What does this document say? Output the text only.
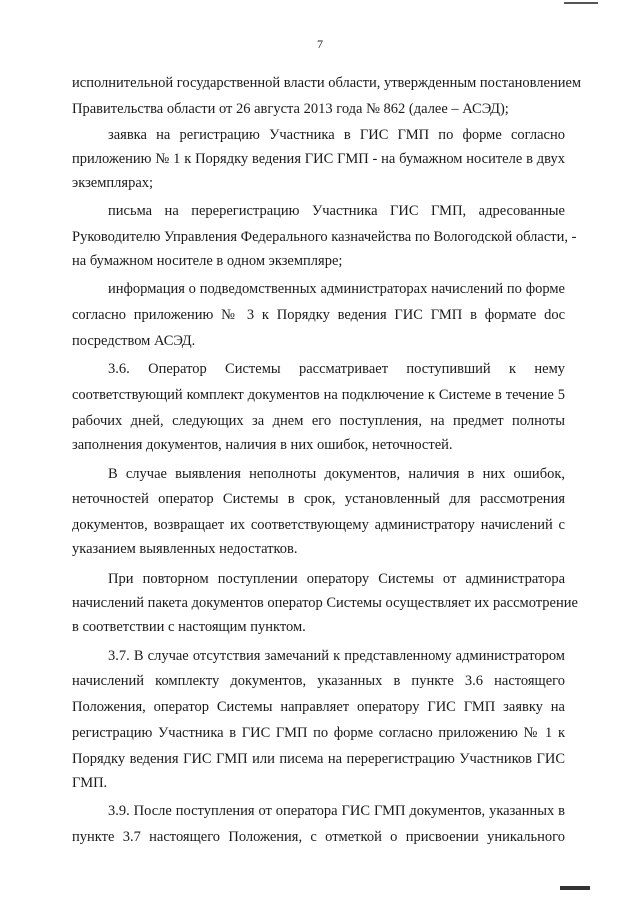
7
исполнительной государственной власти области, утвержденным постановлением
Правительства области от 26 августа 2013 года № 862 (далее – АСЭД);
заявка на регистрацию Участника в ГИС ГМП по форме согласно
приложению № 1 к Порядку ведения ГИС ГМП - на бумажном носителе в двух
экземплярах;
письма на перерегистрацию Участника ГИС ГМП, адресованные
Руководителю Управления Федерального казначейства по Вологодской области, -
на бумажном носителе в одном экземпляре;
информация о подведомственных администраторах начислений по форме
согласно приложению № 3 к Порядку ведения ГИС ГМП в формате doc
посредством АСЭД.
3.6. Оператор Системы рассматривает поступивший к нему
соответствующий комплект документов на подключение к Системе в течение 5
рабочих дней, следующих за днем его поступления, на предмет полноты
заполнения документов, наличия в них ошибок, неточностей.
В случае выявления неполноты документов, наличия в них ошибок,
неточностей оператор Системы в срок, установленный для рассмотрения
документов, возвращает их соответствующему администратору начислений с
указанием выявленных недостатков.
При повторном поступлении оператору Системы от администратора
начислений пакета документов оператор Системы осуществляет их рассмотрение
в соответствии с настоящим пунктом.
3.7. В случае отсутствия замечаний к представленному администратором
начислений комплекту документов, указанных в пункте 3.6 настоящего
Положения, оператор Системы направляет оператору ГИС ГМП заявку на
регистрацию Участника в ГИС ГМП по форме согласно приложению № 1 к
Порядку ведения ГИС ГМП или писема на перерегистрацию Участников ГИС
ГМП.
3.9. После поступления от оператора ГИС ГМП документов, указанных в
пункте 3.7 настоящего Положения, с отметкой о присвоении уникального
